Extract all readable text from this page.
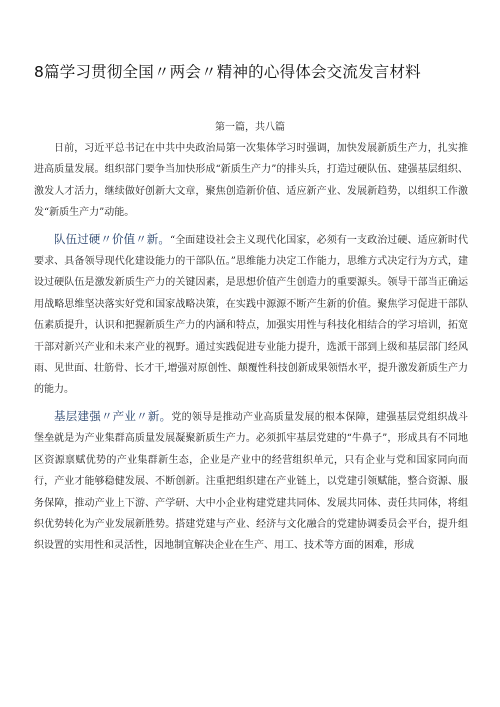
8篇学习贯彻全国〃两会〃精神的心得体会交流发言材料
第一篇，共八篇

日前，习近平总书记在中共中央政治局第一次集体学习时强调，加快发展新质生产力，扎实推进高质量发展。组织部门要争当加快形成“新质生产力”的排头兵，打造过硬队伍、建强基层组织、激发人才活力，继续做好创新大文章，聚焦创造新价值、适应新产业、发展新趋势，以组织工作激发“新质生产力”动能。

队伍过硬〃价值〃新。“全面建设社会主义现代化国家，必须有一支政治过硬、适应新时代要求、具备领导现代化建设能力的干部队伍。”思维能力决定工作能力，思维方式决定行为方式，建设过硬队伍是激发新质生产力的关键因素，是思想价值产生创造力的重要源头。领导干部当正确运用战略思维坚决落实好党和国家战略决策，在实践中源源不断产生新的价值。聚焦学习促进干部队伍素质提升，认识和把握新质生产力的内涵和特点，加强实用性与科技化相结合的学习培训，拓宽干部对新兴产业和未来产业的视野。通过实践促进专业能力提升，选派干部到上级和基层部门经风雨、见世面、壮筋骨、长才干,增强对原创性、颠覆性科技创新成果领悟水平，提升激发新质生产力的能力。

基层建强〃产业〃新。党的领导是推动产业高质量发展的根本保障，建强基层党组织战斗堡垒就是为产业集群高质量发展凝聚新质生产力。必须抓牢基层党建的“牛鼻子”，形成具有不同地区资源禀赋优势的产业集群新生态，企业是产业中的经营组织单元，只有企业与党和国家同向而行，产业才能够稳健发展、不断创新。注重把组织建在产业链上，以党建引领赋能，整合资源、服务保障，推动产业上下游、产学研、大中小企业构建党建共同体、发展共同体、责任共同体，将组织优势转化为产业发展新胜势。搭建党建与产业、经济与文化融合的党建协调委员会平台，提升组织设置的实用性和灵活性，因地制宜解决企业在生产、用工、技术等方面的困难，形成
